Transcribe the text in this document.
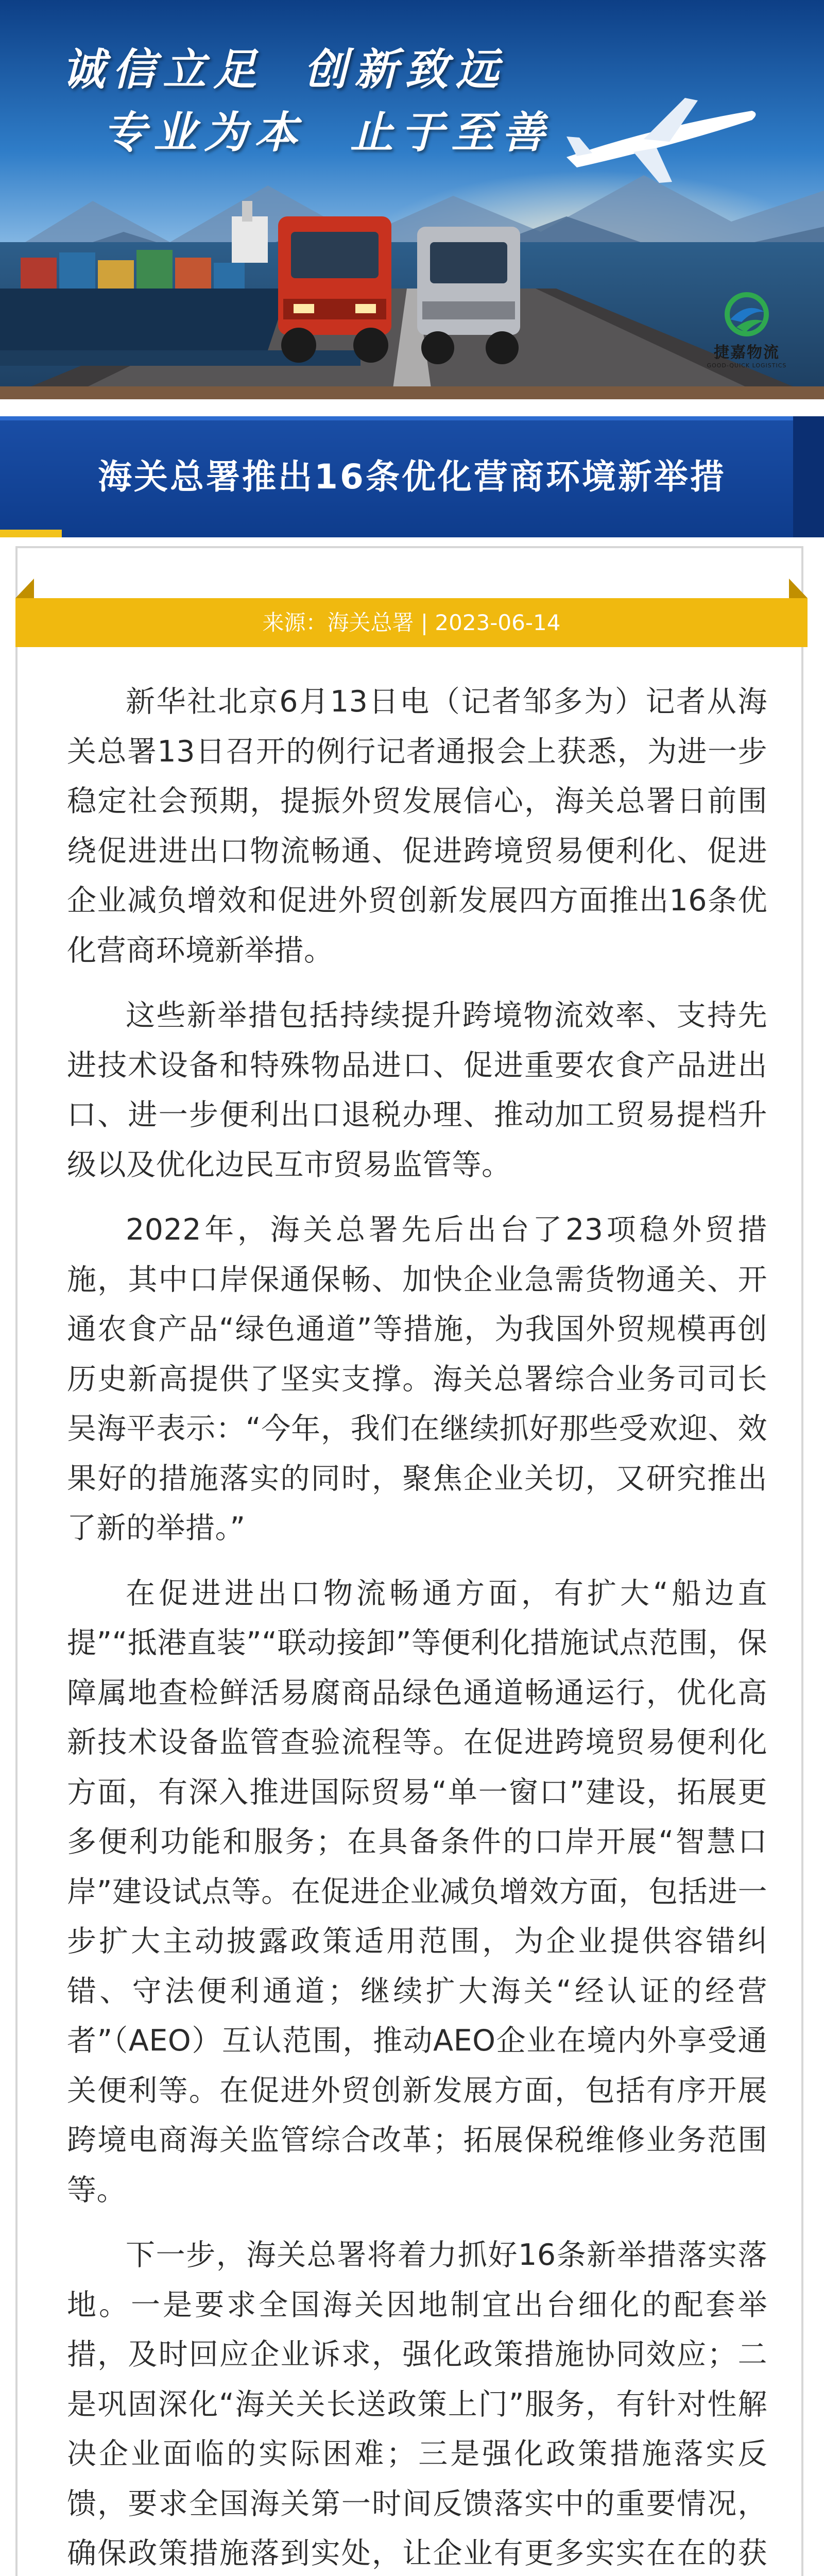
诚信立足 创新致远
专业为本 止于至善
捷嘉物流
GOOD-QUICK LOGISTICS
海关总署推出16条优化营商环境新举措
来源：海关总署 | 2023-06-14

新华社北京6月13日电（记者邹多为）记者从海关总署13日召开的例行记者通报会上获悉，为进一步稳定社会预期，提振外贸发展信心，海关总署日前围绕促进进出口物流畅通、促进跨境贸易便利化、促进企业减负增效和促进外贸创新发展四方面推出16条优化营商环境新举措。

这些新举措包括持续提升跨境物流效率、支持先进技术设备和特殊物品进口、促进重要农食产品进出口、进一步便利出口退税办理、推动加工贸易提档升级以及优化边民互市贸易监管等。

2022年，海关总署先后出台了23项稳外贸措施，其中口岸保通保畅、加快企业急需货物通关、开通农食产品“绿色通道”等措施，为我国外贸规模再创历史新高提供了坚实支撑。海关总署综合业务司司长吴海平表示：“今年，我们在继续抓好那些受欢迎、效果好的措施落实的同时，聚焦企业关切，又研究推出了新的举措。”

在促进进出口物流畅通方面，有扩大“船边直提”“抵港直装”“联动接卸”等便利化措施试点范围，保障属地查检鲜活易腐商品绿色通道畅通运行，优化高新技术设备监管查验流程等。在促进跨境贸易便利化方面，有深入推进国际贸易“单一窗口”建设，拓展更多便利功能和服务；在具备条件的口岸开展“智慧口岸”建设试点等。在促进企业减负增效方面，包括进一步扩大主动披露政策适用范围，为企业提供容错纠错、守法便利通道；继续扩大海关“经认证的经营者”（AEO）互认范围，推动AEO企业在境内外享受通关便利等。在促进外贸创新发展方面，包括有序开展跨境电商海关监管综合改革；拓展保税维修业务范围等。

下一步，海关总署将着力抓好16条新举措落实落地。一是要求全国海关因地制宜出台细化的配套举措，及时回应企业诉求，强化政策措施协同效应；二是巩固深化“海关关长送政策上门”服务，有针对性解决企业面临的实际困难；三是强化政策措施落实反馈，要求全国海关第一时间反馈落实中的重要情况，确保政策措施落到实处，让企业有更多实实在在的获
